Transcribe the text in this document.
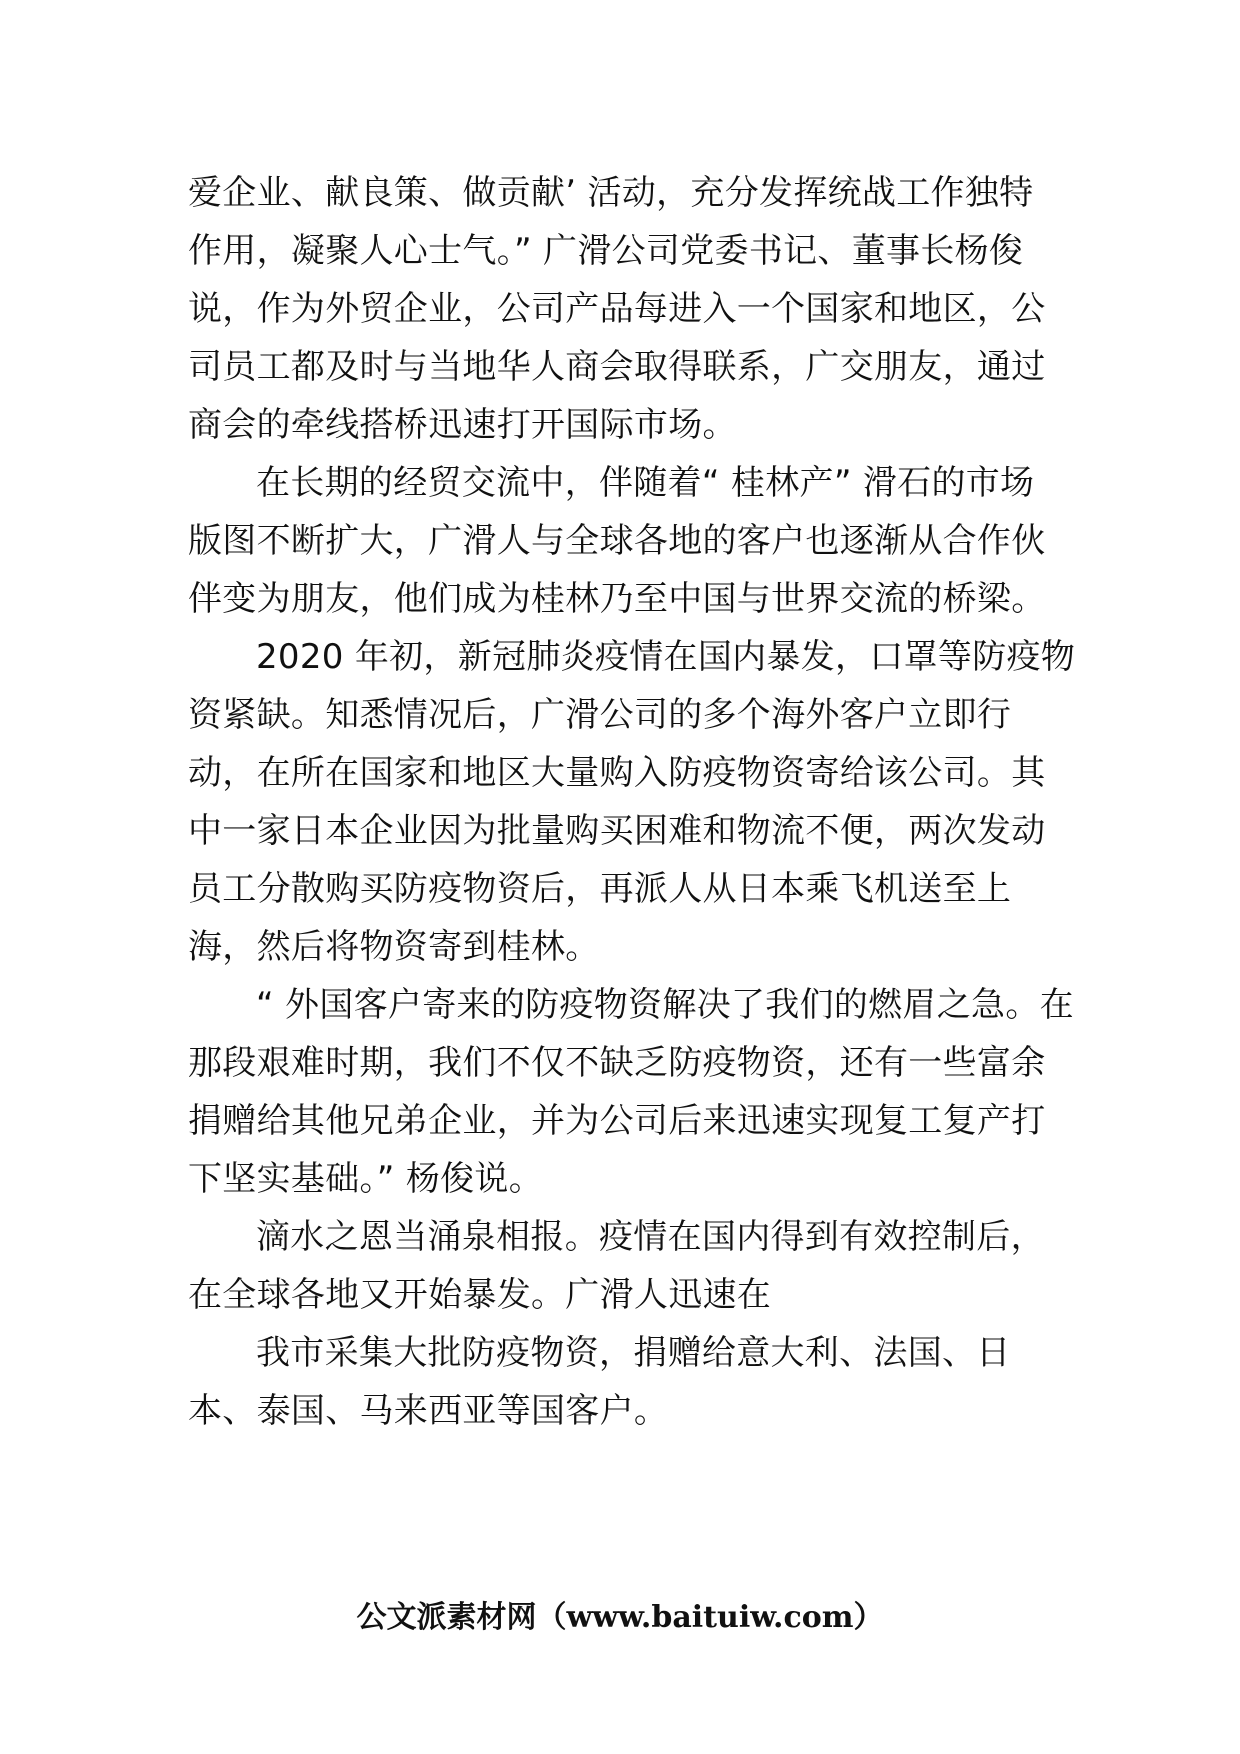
爱企业、献良策、做贡献’ 活动，充分发挥统战工作独特
作用，凝聚人心士气。” 广滑公司党委书记、董事长杨俊
说，作为外贸企业，公司产品每进入一个国家和地区，公
司员工都及时与当地华人商会取得联系，广交朋友，通过
商会的牵线搭桥迅速打开国际市场。
在长期的经贸交流中，伴随着“ 桂林产” 滑石的市场
版图不断扩大，广滑人与全球各地的客户也逐渐从合作伙
伴变为朋友，他们成为桂林乃至中国与世界交流的桥梁。
2020 年初，新冠肺炎疫情在国内暴发，口罩等防疫物
资紧缺。知悉情况后，广滑公司的多个海外客户立即行
动，在所在国家和地区大量购入防疫物资寄给该公司。其
中一家日本企业因为批量购买困难和物流不便，两次发动
员工分散购买防疫物资后，再派人从日本乘飞机送至上
海，然后将物资寄到桂林。
“ 外国客户寄来的防疫物资解决了我们的燃眉之急。在
那段艰难时期，我们不仅不缺乏防疫物资，还有一些富余
捐赠给其他兄弟企业，并为公司后来迅速实现复工复产打
下坚实基础。” 杨俊说。
滴水之恩当涌泉相报。疫情在国内得到有效控制后，
在全球各地又开始暴发。广滑人迅速在
我市采集大批防疫物资，捐赠给意大利、法国、日
本、泰国、马来西亚等国客户。
公文派素材网（www.baituiw.com）
